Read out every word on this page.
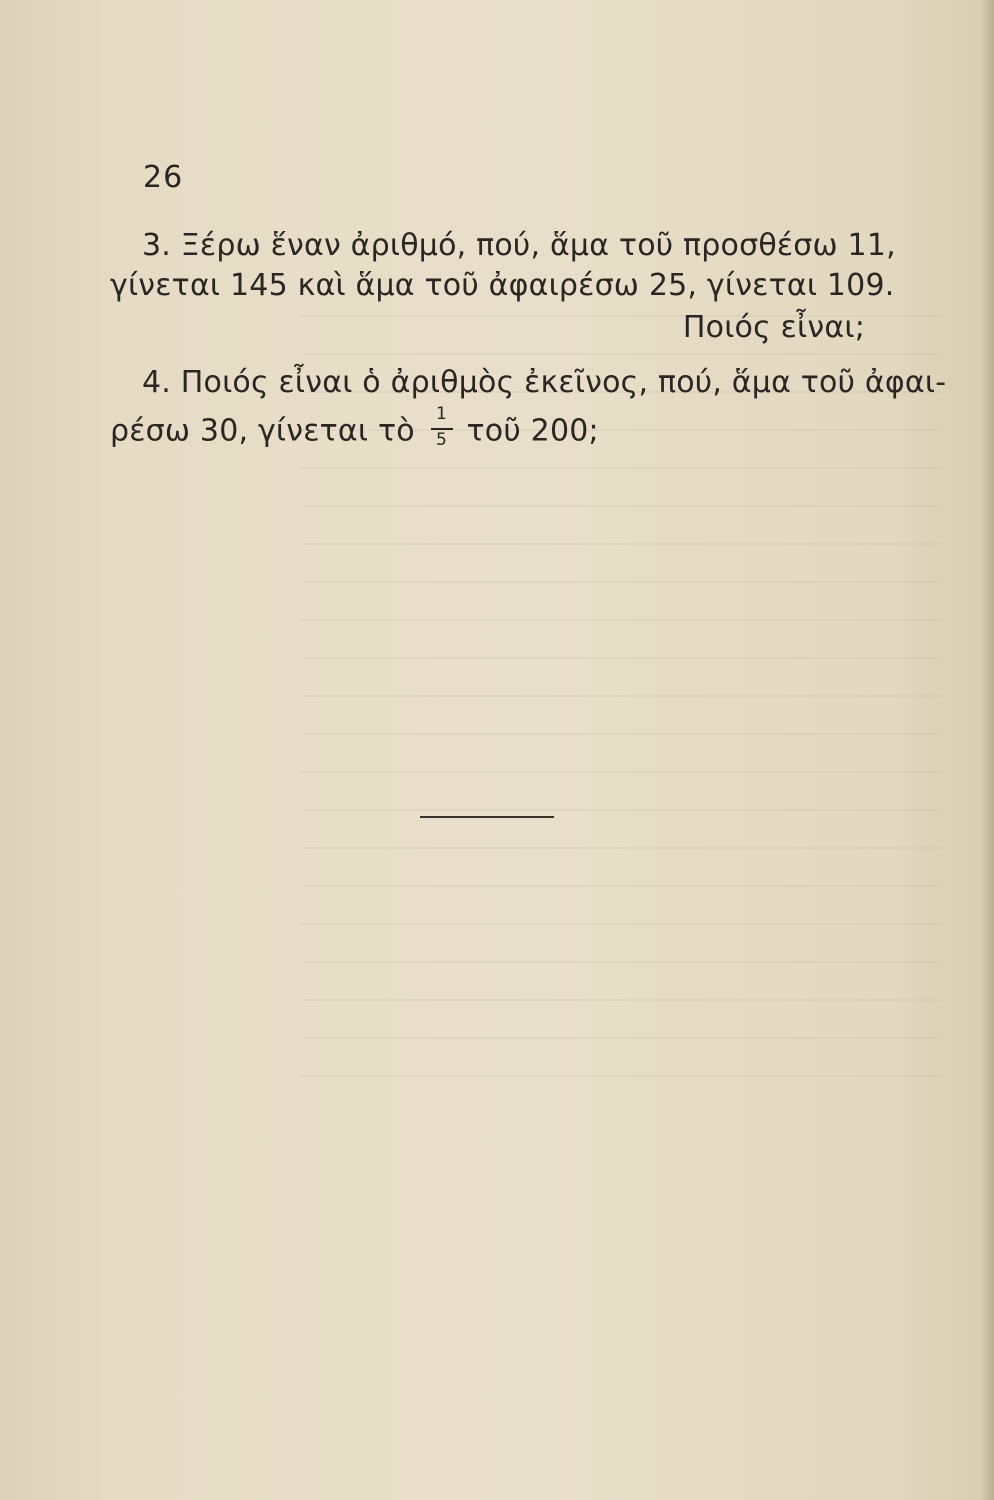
26
3. Ξέρω ἕναν ἀριθμό, πού, ἅμα τοῦ προσθέσω 11,
γίνεται 145 καὶ ἅμα τοῦ ἀφαιρέσω 25, γίνεται 109.
Ποιός εἶναι;
4. Ποιός εἶναι ὁ ἀριθμὸς ἐκεῖνος, πού, ἅμα τοῦ ἀφαι-
ρέσω 30, γίνεται τὸ $\frac{1}{5}$ τοῦ 200;
